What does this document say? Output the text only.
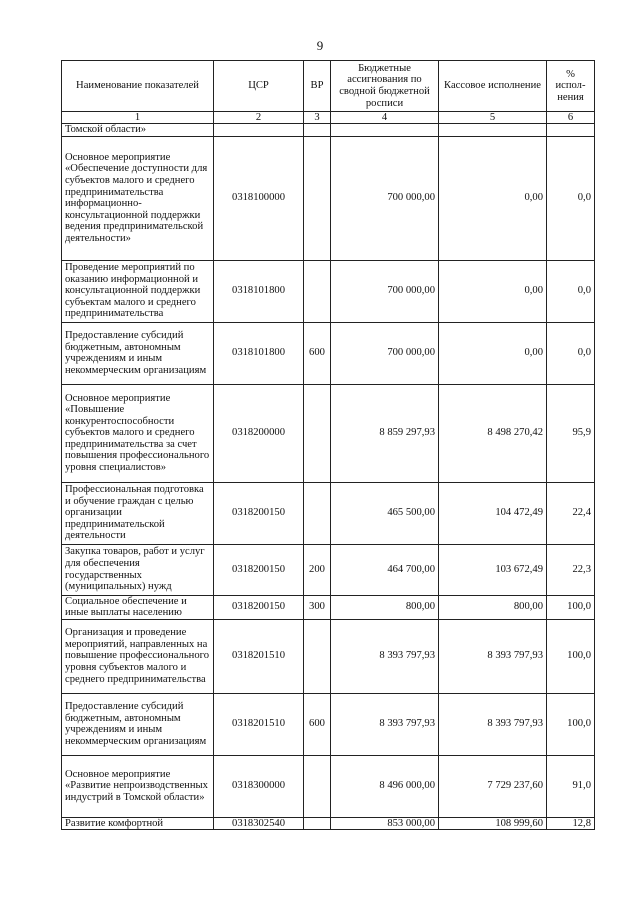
9
Наименование показателей	ЦСР	ВР	Бюджетные ассигнования по сводной бюджетной росписи	Кассовое исполнение	% испол-нения
1	2	3	4	5	6
Томской области»					
Основное мероприятие «Обеспечение доступности для субъектов малого и среднего предпринимательства информационно-консультационной поддержки ведения предпринимательской деятельности»	0318100000		700 000,00	0,00	0,0
Проведение мероприятий по оказанию информационной и консультационной поддержки субъектам малого и среднего предпринимательства	0318101800		700 000,00	0,00	0,0
Предоставление субсидий бюджетным, автономным учреждениям и иным некоммерческим организациям	0318101800	600	700 000,00	0,00	0,0
Основное мероприятие «Повышение конкурентоспособности субъектов малого и среднего предпринимательства за счет повышения профессионального уровня специалистов»	0318200000		8 859 297,93	8 498 270,42	95,9
Профессиональная подготовка и обучение граждан с целью организации предпринимательской деятельности	0318200150		465 500,00	104 472,49	22,4
Закупка товаров, работ и услуг для обеспечения государственных (муниципальных) нужд	0318200150	200	464 700,00	103 672,49	22,3
Социальное обеспечение и иные выплаты населению	0318200150	300	800,00	800,00	100,0
Организация и проведение мероприятий, направленных на повышение профессионального уровня субъектов малого и среднего предпринимательства	0318201510		8 393 797,93	8 393 797,93	100,0
Предоставление субсидий бюджетным, автономным учреждениям и иным некоммерческим организациям	0318201510	600	8 393 797,93	8 393 797,93	100,0
Основное мероприятие «Развитие непроизводственных индустрий в Томской области»	0318300000		8 496 000,00	7 729 237,60	91,0
Развитие комфортной	0318302540		853 000,00	108 999,60	12,8
